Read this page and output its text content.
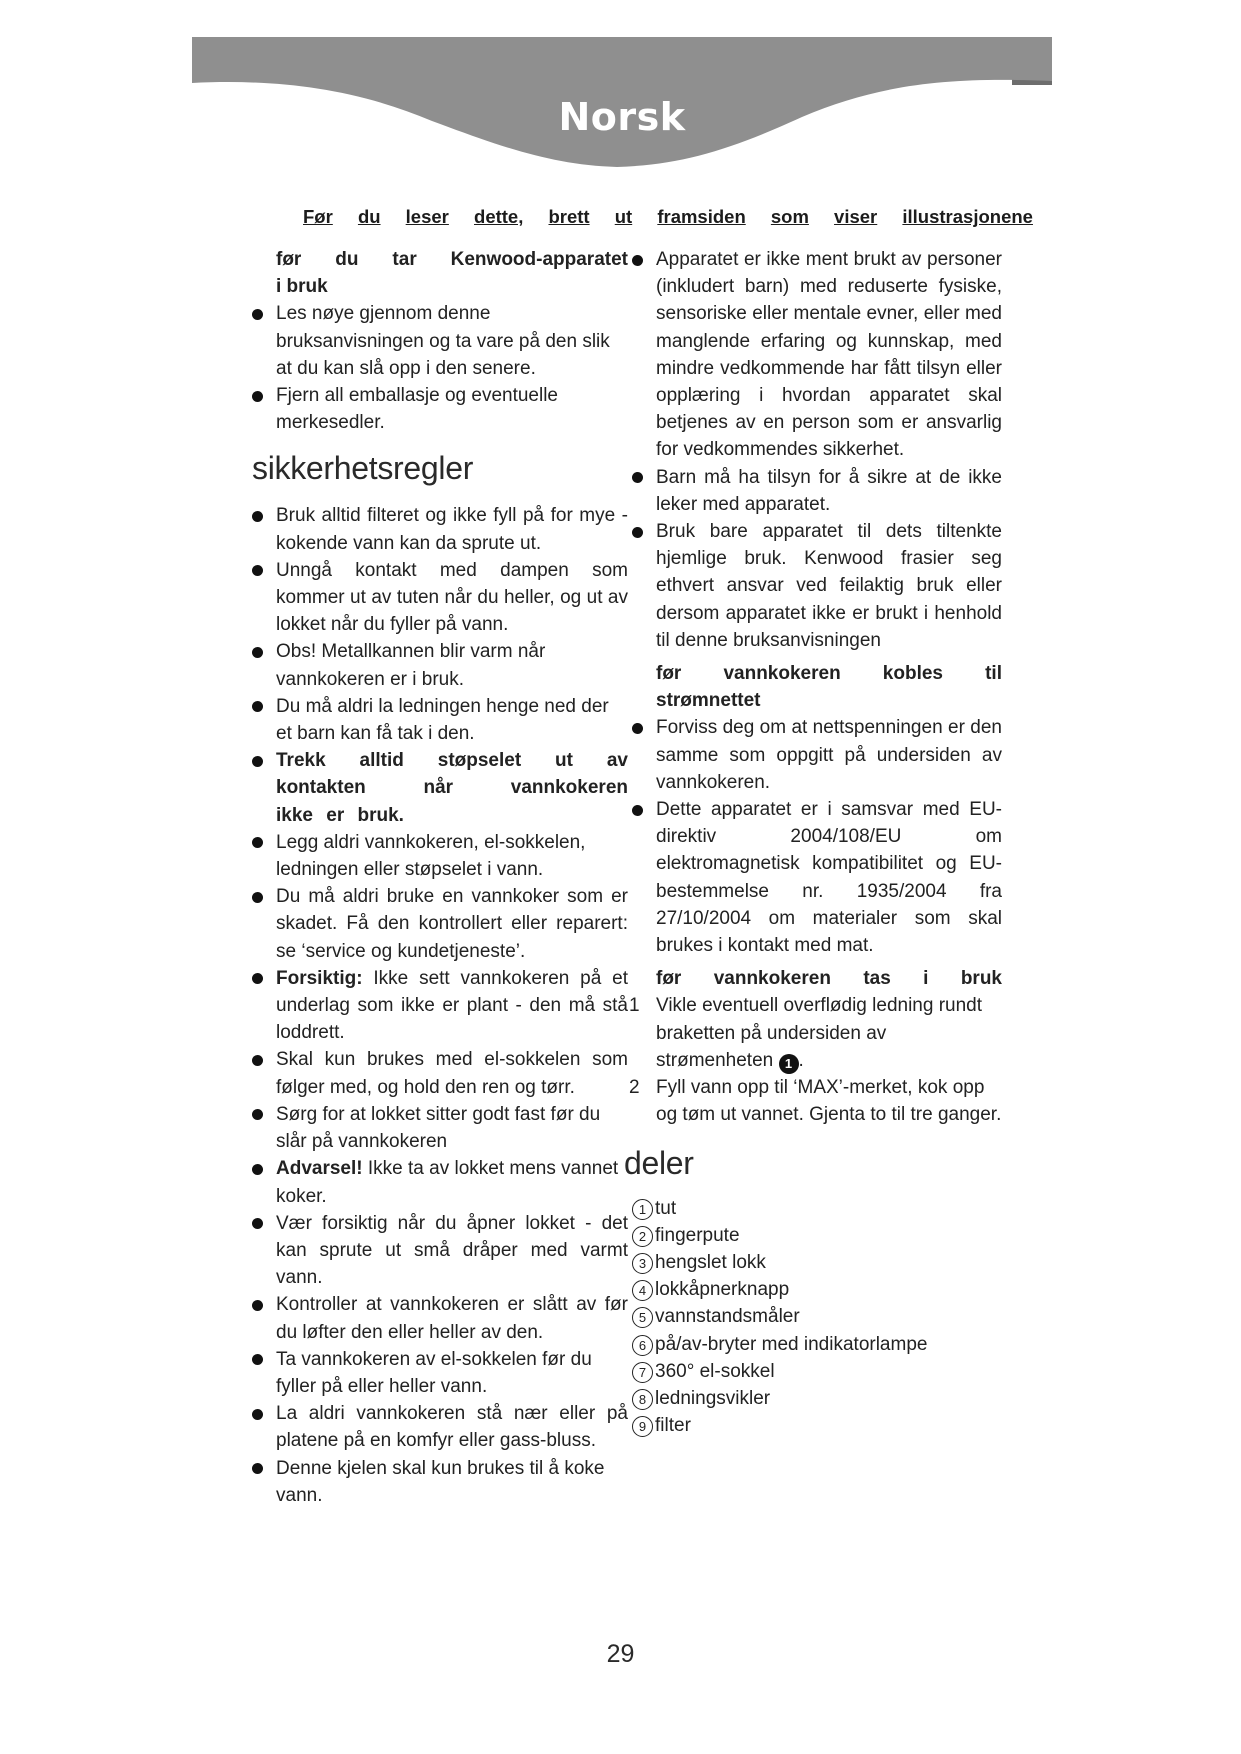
Norsk
Før du leser dette, brett ut framsiden som viser illustrasjonene

før du tar Kenwood-apparatet

i bruk

Les nøye gjennom denne bruksanvisningen og ta vare på den slik at du kan slå opp i den senere.
Fjern all emballasje og eventuelle merkesedler.
sikkerhetsregler
Bruk alltid filteret og ikke fyll på for mye - kokende vann kan da sprute ut.
Unngå kontakt med dampen som kommer ut av tuten når du heller, og ut av lokket når du fyller på vann.
Obs! Metallkannen blir varm når vannkokeren er i bruk.
Du må aldri la ledningen henge ned der et barn kan få tak i den.
Trekk alltid støpselet ut av
kontakten når vannkokeren
ikke er bruk.
Legg aldri vannkokeren, el-sokkelen, ledningen eller støpselet i vann.
Du må aldri bruke en vannkoker som er skadet. Få den kontrollert eller reparert: se ‘service og kundetjeneste’.
Forsiktig: Ikke sett vannkokeren på et underlag som ikke er plant - den må stå loddrett.
Skal kun brukes med el-sokkelen som følger med, og hold den ren og tørr.
Sørg for at lokket sitter godt fast før du slår på vannkokeren
Advarsel! Ikke ta av lokket mens vannet koker.
Vær forsiktig når du åpner lokket - det kan sprute ut små dråper med varmt vann.
Kontroller at vannkokeren er slått av før du løfter den eller heller av den.
Ta vannkokeren av el-sokkelen før du fyller på eller heller vann.
La aldri vannkokeren stå nær eller på platene på en komfyr eller gass-bluss.
Denne kjelen skal kun brukes til å koke vann.
Apparatet er ikke ment brukt av personer (inkludert barn) med reduserte fysiske, sensoriske eller mentale evner, eller med manglende erfaring og kunnskap, med mindre vedkommende har fått tilsyn eller opplæring i hvordan apparatet skal betjenes av en person som er ansvarlig for vedkommendes sikkerhet.
Barn må ha tilsyn for å sikre at de ikke leker med apparatet.
Bruk bare apparatet til dets tiltenkte hjemlige bruk. Kenwood frasier seg ethvert ansvar ved feilaktig bruk eller dersom apparatet ikke er brukt i henhold til denne bruksanvisningen

før vannkokeren kobles til

strømnettet

Forviss deg om at nettspenningen er den samme som oppgitt på undersiden av vannkokeren.
Dette apparatet er i samsvar med EU-direktiv 2004/108/EU om elektromagnetisk kompatibilitet og EU-bestemmelse nr. 1935/2004 fra 27/10/2004 om materialer som skal brukes i kontakt med mat.

før vannkokeren tas i bruk

1 Vikle eventuell overflødig ledning rundt braketten på undersiden av strømenheten 1 .
2 Fyll vann opp til ‘MAX’-merket, kok opp og tøm ut vannet. Gjenta to til tre ganger.
deler
1 tut
2 fingerpute
3 hengslet lokk
4 lokkåpnerknapp
5 vannstandsmåler
6 på/av-bryter med indikatorlampe
7 360° el-sokkel
8 ledningsvikler
9 filter
29
